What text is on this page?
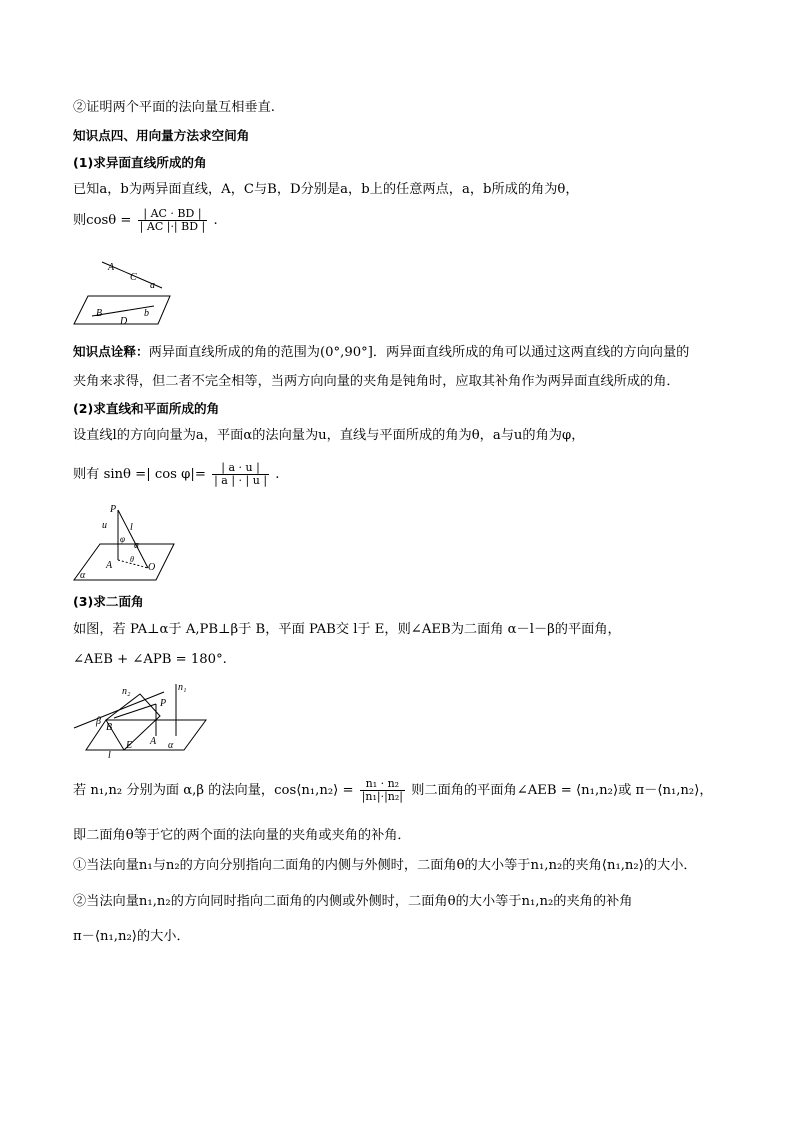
②证明两个平面的法向量互相垂直.
知识点四、用向量方法求空间角
(1)求异面直线所成的角
已知a，b为两异面直线，A，C与B，D分别是a，b上的任意两点，a，b所成的角为θ，
则$\cos\theta = \frac{| AC \cdot BD |}{| AC |\cdot| BD |}$ .
A
C
a
B
D
b
知识点诠释：两异面直线所成的角的范围为(0°,90°]．两异面直线所成的角可以通过这两直线的方向向量的
夹角来求得，但二者不完全相等，当两方向向量的夹角是钝角时，应取其补角作为两异面直线所成的角．
(2)求直线和平面所成的角
设直线l的方向向量为a，平面α的法向量为u，直线与平面所成的角为θ，a与u的角为φ，
则有 sinθ =| $\cos \varphi|= \frac{| a \cdot u |}{| a | \cdot | u |}$ .
P
u l
φ
a
θ
A	O
α
(3)求二面角
如图，若 PA⊥α于 A,PB⊥β于 B，平面 PAB交 l于 E，则∠AEB为二面角 α－l－β的平面角，
∠AEB + ∠APB = 180°.
n₂	n₁
P
β
B
E A α
l
若 n₁,n₂ 分别为面 α,β 的法向量，cos⟨n₁,n₂⟩ = $\frac{\text{n₁ · n₂}}{\text{|n₁|·|n₂|}}$ 则二面角的平面角∠AEB = ⟨n₁,n₂⟩或 π－⟨n₁,n₂⟩，
即二面角θ等于它的两个面的法向量的夹角或夹角的补角．
①当法向量n₁与n₂的方向分别指向二面角的内侧与外侧时，二面角θ的大小等于n₁,n₂的夹角⟨n₁,n₂⟩的大小．
②当法向量n₁,n₂的方向同时指向二面角的内侧或外侧时，二面角θ的大小等于n₁,n₂的夹角的补角
π－⟨n₁,n₂⟩的大小．
